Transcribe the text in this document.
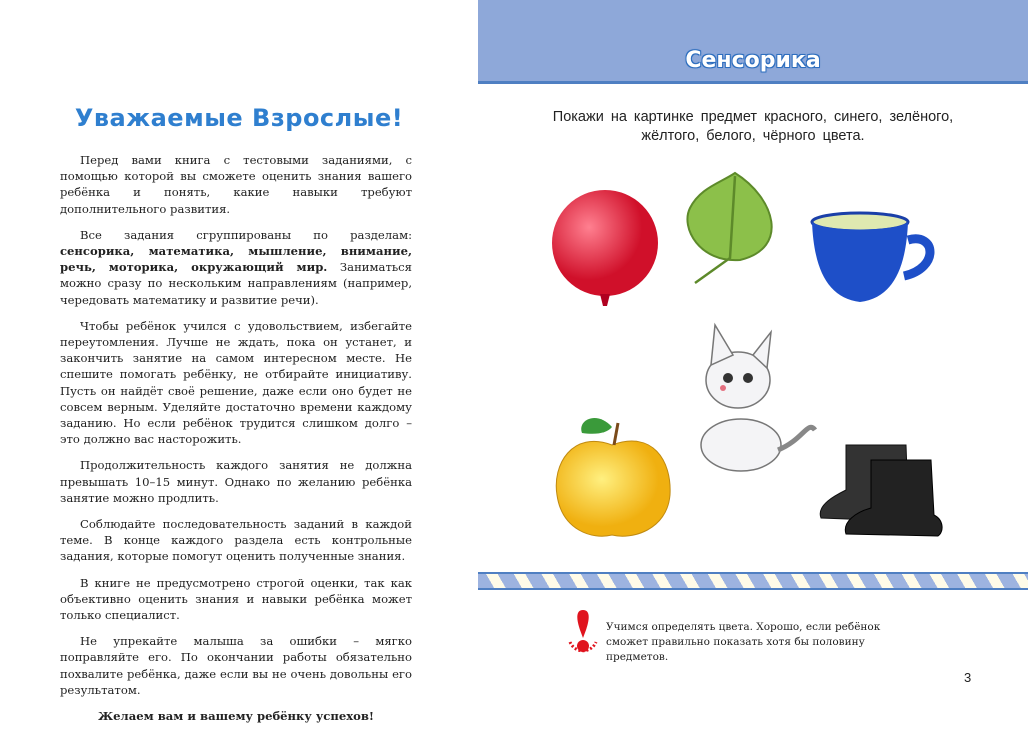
Уважаемые Взрослые!

Перед вами книга с тестовыми заданиями, с помощью которой вы сможете оценить знания вашего ребёнка и понять, какие навыки требуют дополнительного развития.

Все задания сгруппированы по разделам: сенсорика, математика, мышление, внимание, речь, моторика, окружающий мир. Заниматься можно сразу по нескольким направлениям (например, чередовать математику и развитие речи).

Чтобы ребёнок учился с удовольствием, избегайте переутомления. Лучше не ждать, пока он устанет, и закончить занятие на самом интересном месте. Не спешите помогать ребёнку, не отбирайте инициативу. Пусть он найдёт своё решение, даже если оно будет не совсем верным. Уделяйте достаточно времени каждому заданию. Но если ребёнок трудится слишком долго – это должно вас насторожить.

Продолжительность каждого занятия не должна превышать 10–15 минут. Однако по желанию ребёнка занятие можно продлить.

Соблюдайте последовательность заданий в каждой теме. В конце каждого раздела есть контрольные задания, которые помогут оценить полученные знания.

В книге не предусмотрено строгой оценки, так как объективно оценить знания и навыки ребёнка может только специалист.

Не упрекайте малыша за ошибки – мягко поправляйте его. По окончании работы обязательно похвалите ребёнка, даже если вы не очень довольны его результатом.

Желаем вам и вашему ребёнку успехов!

Сенсорика
Покажи на картинке предмет красного, синего, зелёного, жёлтого, белого, чёрного цвета.
Учимся определять цвета. Хорошо, если ребёнок сможет правильно показать хотя бы половину предметов.
3
